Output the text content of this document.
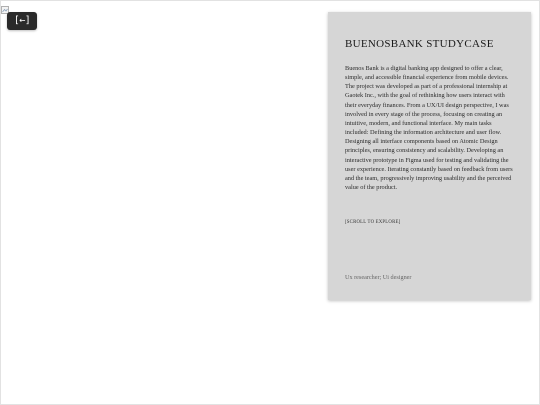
[←]
BUENOSBANK STUDYCASE

Buenos Bank is a digital banking app designed to offer a clear, simple, and accessible financial experience from mobile devices. The project was developed as part of a professional internship at Gaotek Inc., with the goal of rethinking how users interact with their everyday finances. From a UX/UI design perspective, I was involved in every stage of the process, focusing on creating an intuitive, modern, and functional interface. My main tasks included: Defining the information architecture and user flow. Designing all interface components based on Atomic Design principles, ensuring consistency and scalability. Developing an interactive prototype in Figma used for testing and validating the user experience. Iterating constantly based on feedback from users and the team, progressively improving usability and the perceived value of the product.

[SCROLL TO EXPLORE]
Ux researcher; Ui designer
